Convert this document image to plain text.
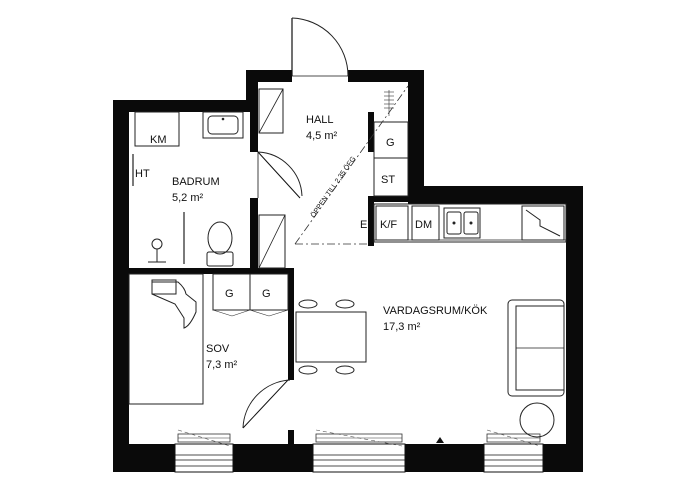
G
ST
ÖPPEN TILL 2,35 ÖFG
HALL
4,5 m²
KM
HT
BADRUM
5,2 m²
G	G
SOV
7,3 m²
E K/F DM
VARDAGSRUM/KÖK
17,3 m²
